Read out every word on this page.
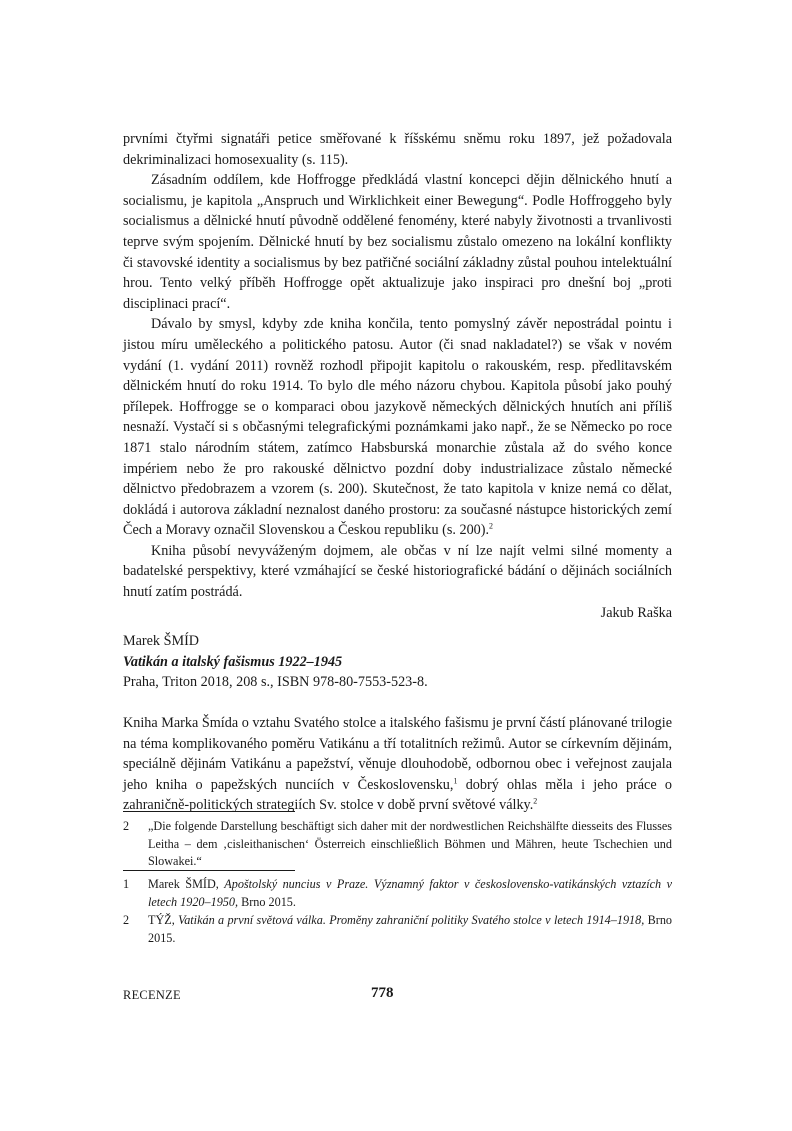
prvními čtyřmi signatáři petice směřované k říšskému sněmu roku 1897, jež požadovala dekriminalizaci homosexuality (s. 115).

Zásadním oddílem, kde Hoffrogge předkládá vlastní koncepci dějin dělnického hnutí a socialismu, je kapitola „Anspruch und Wirklichkeit einer Bewegung“. Podle Hoffroggeho byly socialismus a dělnické hnutí původně oddělené fenomény, které nabyly životnosti a trvanlivosti teprve svým spojením. Dělnické hnutí by bez socialismu zůstalo omezeno na lokální konflikty či stavovské identity a socialismus by bez patřičné sociální základny zůstal pouhou intelektuální hrou. Tento velký příběh Hoffrogge opět aktualizuje jako inspiraci pro dnešní boj „proti disciplinaci prací“.

Dávalo by smysl, kdyby zde kniha končila, tento pomyslný závěr nepostrádal pointu i jistou míru uměleckého a politického patosu. Autor (či snad nakladatel?) se však v novém vydání (1. vydání 2011) rovněž rozhodl připojit kapitolu o rakouském, resp. předlitavském dělnickém hnutí do roku 1914. To bylo dle mého názoru chybou. Kapitola působí jako pouhý přílepek. Hoffrogge se o komparaci obou jazykově německých dělnických hnutích ani příliš nesnaží. Vystačí si s občasnými telegrafickými poznámkami jako např., že se Německo po roce 1871 stalo národním státem, zatímco Habsburská monarchie zůstala až do svého konce impériem nebo že pro rakouské dělnictvo pozdní doby industrializace zůstalo německé dělnictvo předobrazem a vzorem (s. 200). Skutečnost, že tato kapitola v knize nemá co dělat, dokládá i autorova základní neznalost daného prostoru: za současné nástupce historických zemí Čech a Moravy označil Slovenskou a Českou republiku (s. 200).$^2$

Kniha působí nevyváženým dojmem, ale občas v ní lze najít velmi silné momenty a badatelské perspektivy, které vzmáhající se české historiografické bádání o dějinách sociálních hnutí zatím postrádá.

Jakub Raška

Marek ŠMÍD
Vatikán a italský fašismus 1922–1945
Praha, Triton 2018, 208 s., ISBN 978-80-7553-523-8.

Kniha Marka Šmída o vztahu Svatého stolce a italského fašismu je první částí plánované trilogie na téma komplikovaného poměru Vatikánu a tří totalitních režimů. Autor se církevním dějinám, speciálně dějinám Vatikánu a papežství, věnuje dlouhodobě, odbornou obec i veřejnost zaujala jeho kniha o papežských nunciích v Československu,$^1$ dobrý ohlas měla i jeho práce o zahraničně-politických strategiích Sv. stolce v době první světové války.$^2$

2 „Die folgende Darstellung beschäftigt sich daher mit der nordwestlichen Reichshälfte diesseits des Flusses Leitha – dem ‚cisleithanischen‘ Österreich einschließlich Böhmen und Mähren, heute Tschechien und Slowakei.“
1 Marek ŠMÍD, Apoštolský nuncius v Praze. Významný faktor v československo-vatikánských vztazích v letech 1920–1950, Brno 2015.
2 TÝŽ, Vatikán a první světová válka. Proměny zahraniční politiky Svatého stolce v letech 1914–1918, Brno 2015.
RECENZE	778
